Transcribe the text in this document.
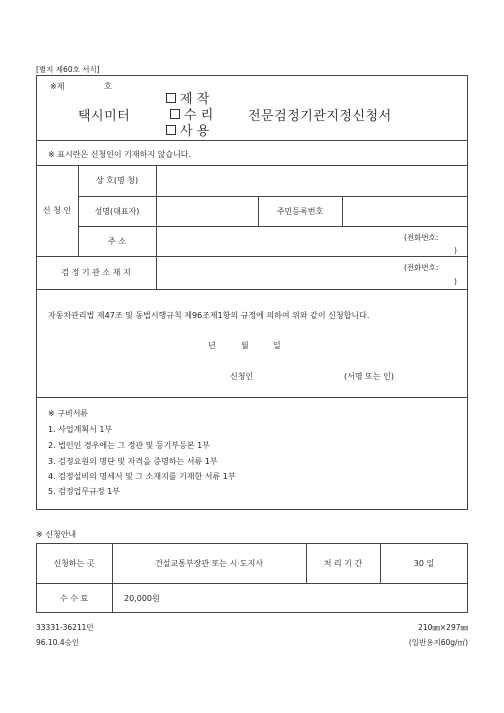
[별지 제60호 서식]
※제	호
택시미터
제 작
수 리
사 용
전문검정기관지정신청서
※ 표시란은 신청인이 기재하지 않습니다.
신 청 인
상 호(명 칭)
성명(대표자)	주민등록번호
주 소	(전화번호:
)
검 정 기 관 소 재 지
(전화번호:
)
자동차관리법 제47조 및 동법시행규칙 제96조제1항의 규정에 의하여 위와 같이 신청합니다.
년	월	일
신청인	(서명 또는 인)
※ 구비서류
1. 사업계획서 1부
2. 법인인 경우에는 그 정관 및 등기부등본 1부
3. 검정요원의 명단 및 자격을 증명하는 서류 1부
4. 검정설비의 명세서 및 그 소재지를 기재한 서류 1부
5. 검정업무규정 1부
※ 신청안내
신청하는 곳	건설교통부장관 또는 시·도지사	처 리 기 간	30 일
수 수 료	20,000원
33331-36211민
96.10.4승인
210㎜×297㎜
(일반용지60g/㎡)
